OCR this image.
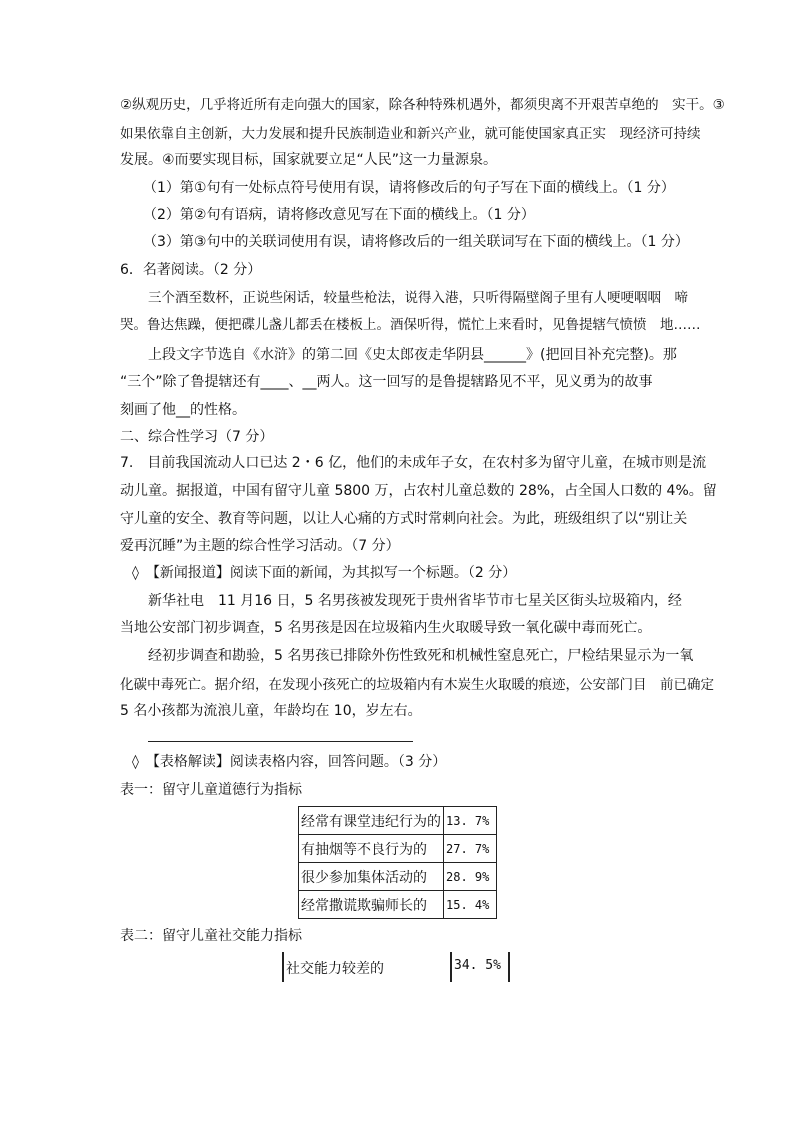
②纵观历史，几乎将近所有走向强大的国家，除各种特殊机遇外，都须臾离不开艰苦卓绝的　实干。③
如果依靠自主创新，大力发展和提升民族制造业和新兴产业，就可能使国家真正实　现经济可持续
发展。④而要实现目标，国家就要立足“人民”这一力量源泉。
（1）第①句有一处标点符号使用有误，请将修改后的句子写在下面的横线上。（1 分）
（2）第②句有语病，请将修改意见写在下面的横线上。（1 分）
（3）第③句中的关联词使用有误，请将修改后的一组关联词写在下面的横线上。（1 分）
6．名著阅读。（2 分）
三个酒至数杯，正说些闲话，较量些枪法，说得入港，只听得隔壁阁子里有人哽哽咽咽　啼
哭。鲁达焦躁，便把碟儿盏儿都丢在楼板上。酒保听得，慌忙上来看时，见鲁提辖气愤愤　地……
上段文字节选自《水浒》的第二回《史太郎夜走华阴县______》(把回目补充完整)。那
“三个”除了鲁提辖还有____、__两人。这一回写的是鲁提辖路见不平，见义勇为的故事
刻画了他__的性格。
二、综合性学习（7 分）
7.　目前我国流动人口已达 2・6 亿，他们的未成年子女，在农村多为留守儿童，在城市则是流
动儿童。据报道，中国有留守儿童 5800 万，占农村儿童总数的 28%，占全国人口数的 4%。留
守儿童的安全、教育等问题，以让人心痛的方式时常刺向社会。为此，班级组织了以“别让关
爱再沉睡”为主题的综合性学习活动。（7 分）
◊　【新闻报道】阅读下面的新闻，为其拟写一个标题。（2 分）
新华社电　11 月16 日，5 名男孩被发现死于贵州省毕节市七星关区街头垃圾箱内，经
当地公安部门初步调查，5 名男孩是因在垃圾箱内生火取暖导致一氧化碳中毒而死亡。
经初步调查和勘验，5 名男孩已排除外伤性致死和机械性窒息死亡，尸检结果显示为一氧
化碳中毒死亡。据介绍，在发现小孩死亡的垃圾箱内有木炭生火取暖的痕迹，公安部门目　前已确定
5 名小孩都为流浪儿童，年龄均在 10，岁左右。
◊　【表格解读】阅读表格内容，回答问题。（3 分）
表一：留守儿童道德行为指标
经常有课堂违纪行为的	13. 7%
有抽烟等不良行为的	27. 7%
很少参加集体活动的	28. 9%
经常撒谎欺骗师长的	15. 4%
表二：留守儿童社交能力指标
社交能力较差的	34. 5%
